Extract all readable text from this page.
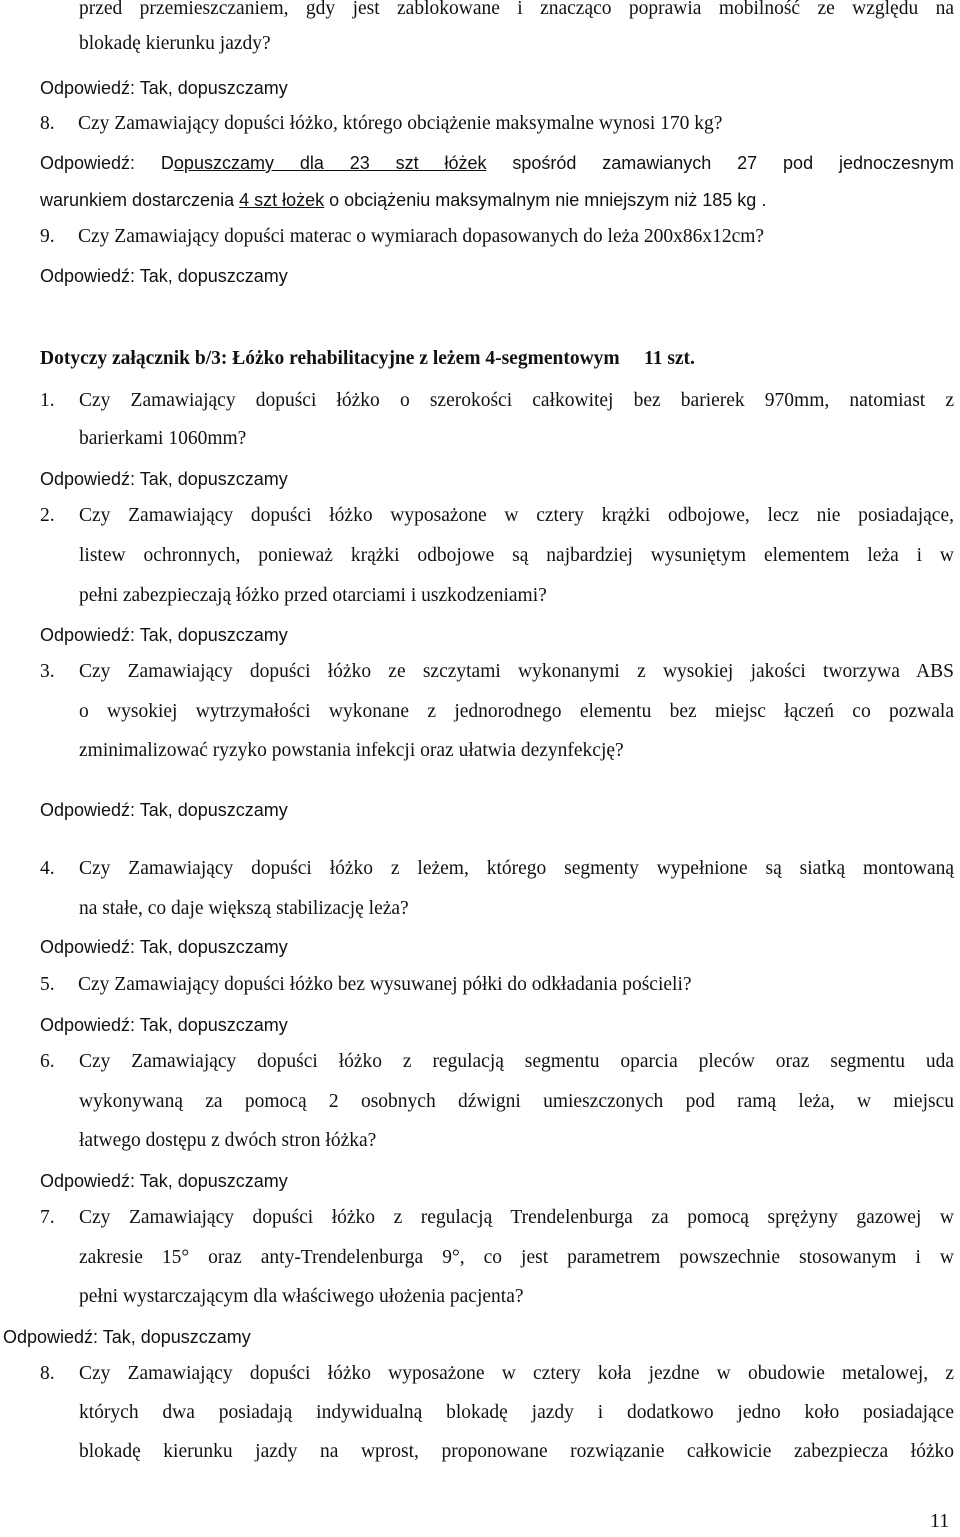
przed przemieszczaniem, gdy jest zablokowane i znacząco poprawia mobilność ze względu na
blokadę kierunku jazdy?
Odpowiedź: Tak, dopuszczamy
8. Czy Zamawiający dopuści łóżko, którego obciążenie maksymalne wynosi 170 kg?
Odpowiedź: Dopuszczamy dla 23 szt łóżek spośród zamawianych 27 pod jednoczesnym
warunkiem dostarczenia 4 szt łożek o obciążeniu maksymalnym nie mniejszym niż 185 kg .
9. Czy Zamawiający dopuści materac o wymiarach dopasowanych do leża 200x86x12cm?
Odpowiedź: Tak, dopuszczamy
Dotyczy załącznik b/3: Łóżko rehabilitacyjne z leżem 4-segmentowym     11 szt.
1.	Czy Zamawiający dopuści łóżko o szerokości całkowitej bez barierek 970mm, natomiast z
barierkami 1060mm?
Odpowiedź: Tak, dopuszczamy
2.	Czy Zamawiający dopuści łóżko wyposażone w cztery krążki odbojowe, lecz nie posiadające,
listew ochronnych, ponieważ krążki odbojowe są najbardziej wysuniętym elementem leża i w
pełni zabezpieczają łóżko przed otarciami i uszkodzeniami?
Odpowiedź: Tak, dopuszczamy
3.	Czy Zamawiający dopuści łóżko ze szczytami wykonanymi z wysokiej jakości tworzywa ABS
o wysokiej wytrzymałości wykonane z jednorodnego elementu bez miejsc łączeń co pozwala
zminimalizować ryzyko powstania infekcji oraz ułatwia dezynfekcję?
Odpowiedź: Tak, dopuszczamy
4.	Czy Zamawiający dopuści łóżko z leżem, którego segmenty wypełnione są siatką montowaną
na stałe, co daje większą stabilizację leża?
Odpowiedź: Tak, dopuszczamy
5. Czy Zamawiający dopuści łóżko bez wysuwanej półki do odkładania pościeli?
Odpowiedź: Tak, dopuszczamy
6.	Czy Zamawiający dopuści łóżko z regulacją segmentu oparcia pleców oraz segmentu uda
wykonywaną za pomocą 2 osobnych dźwigni umieszczonych pod ramą leża, w miejscu
łatwego dostępu z dwóch stron łóżka?
Odpowiedź: Tak, dopuszczamy
7.	Czy Zamawiający dopuści łóżko z regulacją Trendelenburga za pomocą sprężyny gazowej w
zakresie 15° oraz anty-Trendelenburga 9°, co jest parametrem powszechnie stosowanym i w
pełni wystarczającym dla właściwego ułożenia pacjenta?
Odpowiedź: Tak, dopuszczamy
8.	Czy Zamawiający dopuści łóżko wyposażone w cztery koła jezdne w obudowie metalowej, z
których dwa posiadają indywidualną blokadę jazdy i dodatkowo jedno koło posiadające
blokadę kierunku jazdy na wprost, proponowane rozwiązanie całkowicie zabezpiecza łóżko
11
